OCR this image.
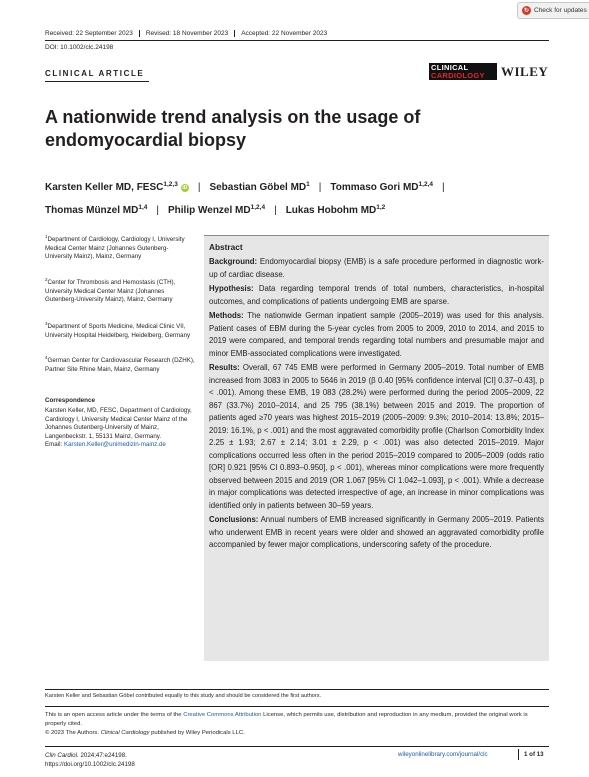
↻ Check for updates
Received: 22 September 2023	Revised: 18 November 2023	Accepted: 22 November 2023
DOI: 10.1002/clc.24198
CLINICAL ARTICLE
CLINICAL
CARDIOLOGY WILEY
A nationwide trend analysis on the usage of endomyocardial biopsy
Karsten Keller MD, FESC$^{1,2,3}$ iD | Sebastian Göbel $MD^1$ | Tommaso Gori MD$^{1,2,4}$ |
Thomas Münzel MD$^{1,4}$ | Philip Wenzel MD$^{1,2,4}$ | Lukas Hobohm MD$^{1,2}$
$^1$Department of Cardiology, Cardiology I, University Medical Center Mainz (Johannes Gutenberg-University Mainz), Mainz, Germany
$^2$Center for Thrombosis and Hemostasis (CTH), University Medical Center Mainz (Johannes Gutenberg-University Mainz), Mainz, Germany
$^3$Department of Sports Medicine, Medical Clinic VII, University Hospital Heidelberg, Heidelberg, Germany
$^4$German Center for Cardiovascular Research (DZHK), Partner Site Rhine Main, Mainz, Germany
Correspondence
Karsten Keller, MD, FESC, Department of Cardiology, Cardiology I, University Medical Center Mainz of the Johannes Gutenberg-University of Mainz, Langenbeckstr. 1, 55131 Mainz, Germany.
Email: Karsten.Keller@unimedizin-mainz.de
Abstract

Background: Endomyocardial biopsy (EMB) is a safe procedure performed in diagnostic work-up of cardiac disease.

Hypothesis: Data regarding temporal trends of total numbers, characteristics, in-hospital outcomes, and complications of patients undergoing EMB are sparse.

Methods: The nationwide German inpatient sample (2005–2019) was used for this analysis. Patient cases of EBM during the 5-year cycles from 2005 to 2009, 2010 to 2014, and 2015 to 2019 were compared, and temporal trends regarding total numbers and presumable major and minor EMB-associated complications were investigated.

Results: Overall, 67 745 EMB were performed in Germany 2005–2019. Total number of EMB increased from 3083 in 2005 to 5646 in 2019 (β 0.40 [95% confidence interval [CI] 0.37–0.43], p < .001). Among these EMB, 19 083 (28.2%) were performed during the period 2005–2009, 22 867 (33.7%) 2010–2014, and 25 795 (38.1%) between 2015 and 2019. The proportion of patients aged ≥70 years was highest 2015–2019 (2005–2009: 9.3%; 2010–2014: 13.8%; 2015–2019: 16.1%, p < .001) and the most aggravated comorbidity profile (Charlson Comorbidity Index 2.25 ± 1.93; 2.67 ± 2.14; 3.01 ± 2.29, p < .001) was also detected 2015–2019. Major complications occurred less often in the period 2015–2019 compared to 2005–2009 (odds ratio [OR] 0.921 [95% CI 0.893–0.950], p < .001), whereas minor complications were more frequently observed between 2015 and 2019 (OR 1.067 [95% CI 1.042–1.093], p < .001). While a decrease in major complications was detected irrespective of age, an increase in minor complications was identified only in patients between 30–59 years.

Conclusions: Annual numbers of EMB increased significantly in Germany 2005–2019. Patients who underwent EMB in recent years were older and showed an aggravated comorbidity profile accompanied by fewer major complications, underscoring safety of the procedure.

Karsten Keller and Sebastian Göbel contributed equally to this study and should be considered the first authors.
This is an open access article under the terms of the Creative Commons Attribution License, which permits use, distribution and reproduction in any medium, provided the original work is properly cited.
© 2023 The Authors. Clinical Cardiology published by Wiley Periodicals LLC.
Clin Cardiol. 2024;47:e24198.
https://doi.org/10.1002/clc.24198
wileyonlinelibrary.com/journal/clc	1 of 13
